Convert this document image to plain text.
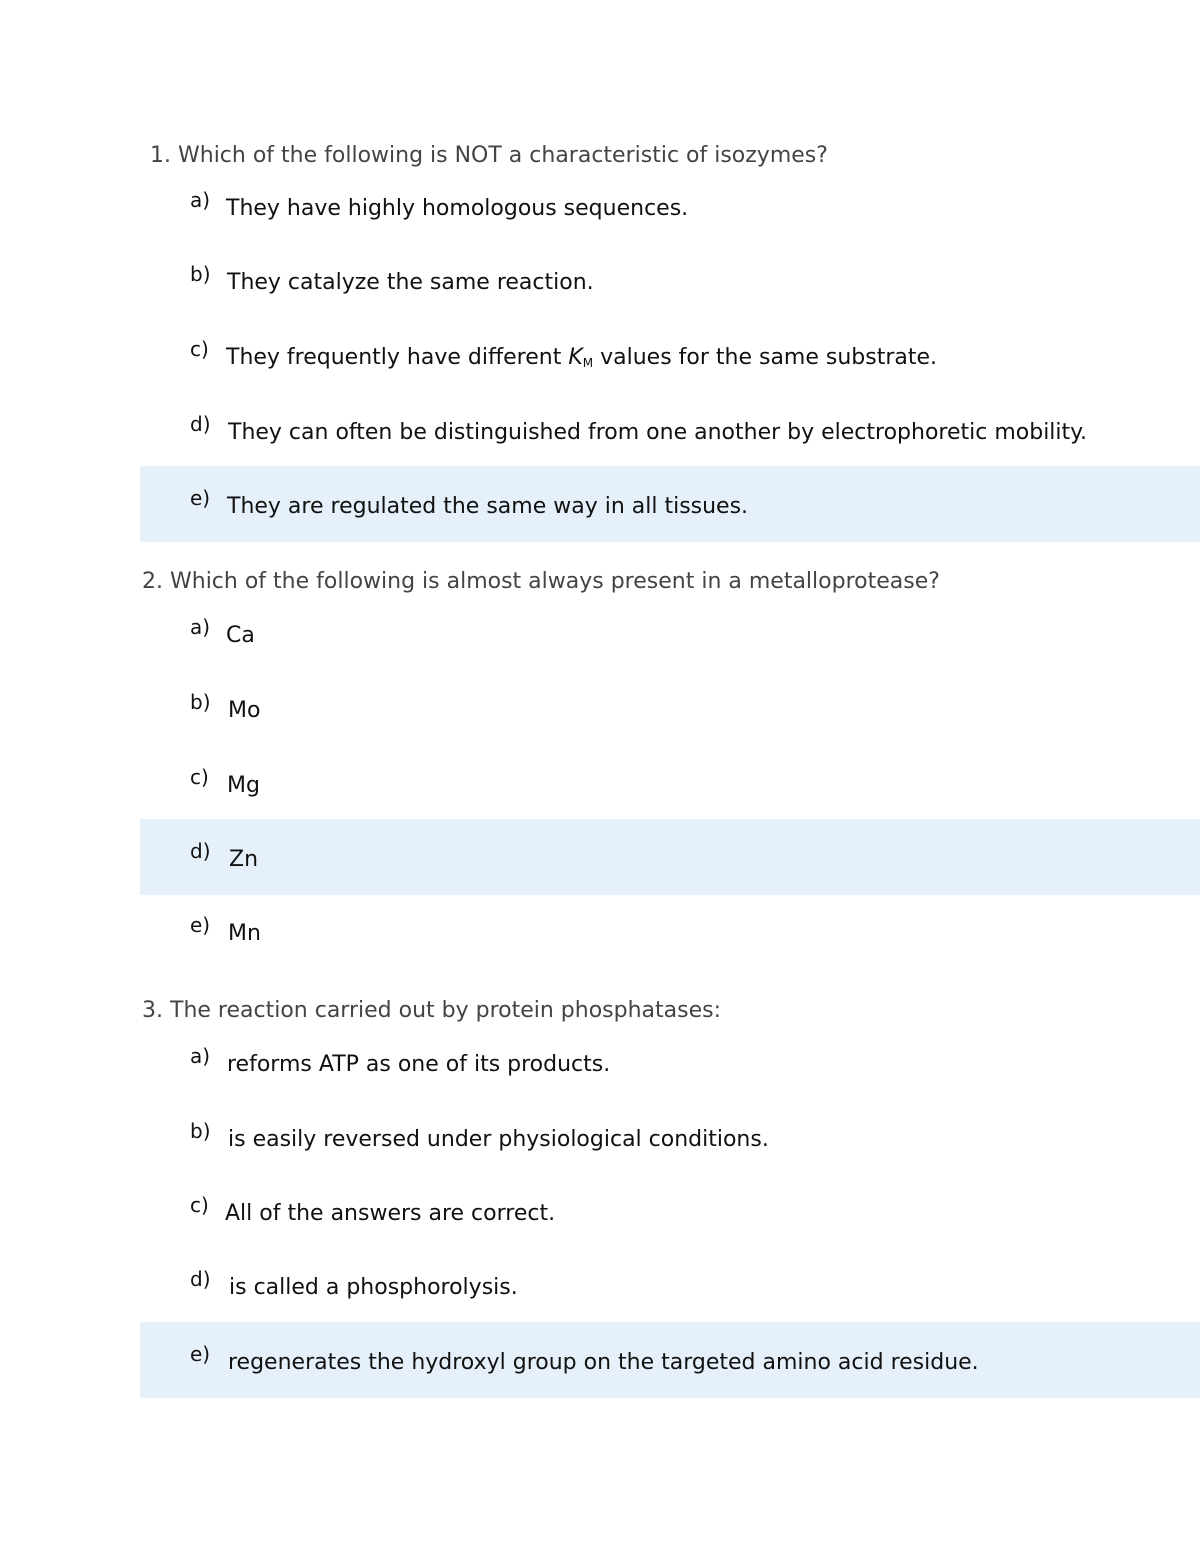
1. Which of the following is NOT a characteristic of isozymes?
a) They have highly homologous sequences.
b) They catalyze the same reaction.
c) They frequently have different $K_M$ values for the same substrate.
d) They can often be distinguished from one another by electrophoretic mobility.
e) They are regulated the same way in all tissues.
2. Which of the following is almost always present in a metalloprotease?
a) Ca
b) Mo
c) Mg
d) Zn
e) Mn
3. The reaction carried out by protein phosphatases:
a) reforms ATP as one of its products.
b) is easily reversed under physiological conditions.
c) All of the answers are correct.
d) is called a phosphorolysis.
e) regenerates the hydroxyl group on the targeted amino acid residue.
